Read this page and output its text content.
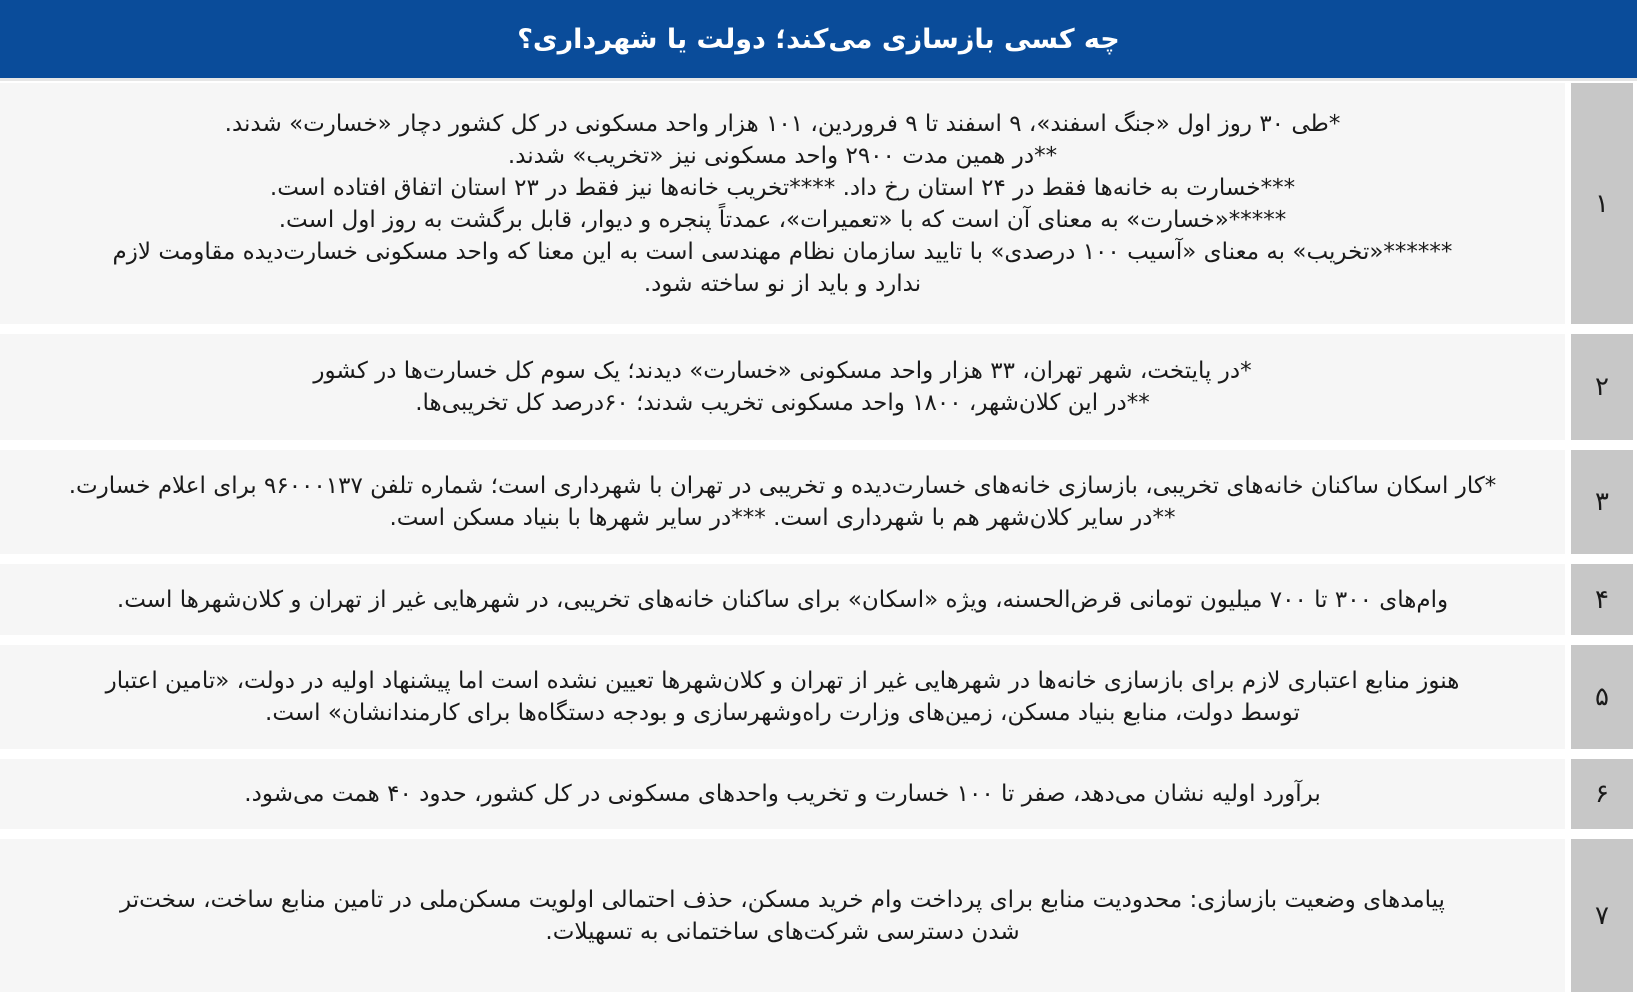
چه کسی بازسازی می‌کند؛ دولت یا شهرداری؟
*طی ۳۰ روز اول «جنگ اسفند»، ۹ اسفند تا ۹ فروردین، ۱۰۱ هزار واحد مسکونی در کل کشور دچار «خسارت» شدند.
**در همین مدت ۲۹۰۰ واحد مسکونی نیز «تخریب» شدند.
***خسارت به خانه‌ها فقط در ۲۴ استان رخ داد. ****تخریب خانه‌ها نیز فقط در ۲۳ استان اتفاق افتاده است.
*****«خسارت» به معنای آن است که با «تعمیرات»، عمدتاً پنجره و دیوار، قابل برگشت به روز اول است.
******«تخریب» به معنای «آسیب ۱۰۰ درصدی» با تایید سازمان نظام مهندسی است به این معنا که واحد مسکونی خسارت‌دیده مقاومت لازم
ندارد و باید از نو ساخته شود.
۱
*در پایتخت، شهر تهران، ۳۳ هزار واحد مسکونی «خسارت» دیدند؛ یک سوم کل خسارت‌ها در کشور
**در این کلان‌شهر، ۱۸۰۰ واحد مسکونی تخریب شدند؛ ۶۰درصد کل تخریبی‌ها.
۲
*کار اسکان ساکنان خانه‌های تخریبی، بازسازی خانه‌های خسارت‌دیده و تخریبی در تهران با شهرداری است؛ شماره تلفن ۹۶۰۰۰۱۳۷ برای اعلام خسارت.
**در سایر کلان‌شهر هم با شهرداری است. ***در سایر شهرها با بنیاد مسکن است.
۳
وام‌های ۳۰۰ تا ۷۰۰ میلیون تومانی قرض‌الحسنه، ویژه «اسکان» برای ساکنان خانه‌های تخریبی، در شهرهایی غیر از تهران و کلان‌شهرها است.	۴
هنوز منابع اعتباری لازم برای بازسازی خانه‌ها در شهرهایی غیر از تهران و کلان‌شهرها تعیین نشده است اما پیشنهاد اولیه در دولت، «تامین اعتبار
توسط دولت، منابع بنیاد مسکن، زمین‌های وزارت راه‌وشهرسازی و بودجه دستگاه‌ها برای کارمندانشان» است.
۵
برآورد اولیه نشان می‌دهد، صفر تا ۱۰۰ خسارت و تخریب واحدهای مسکونی در کل کشور، حدود ۴۰ همت می‌شود.	۶
پیامدهای وضعیت بازسازی: محدودیت منابع برای پرداخت وام خرید مسکن، حذف احتمالی اولویت مسکن‌ملی در تامین منابع ساخت، سخت‌تر
شدن دسترسی شرکت‌های ساختمانی به تسهیلات.
۷
